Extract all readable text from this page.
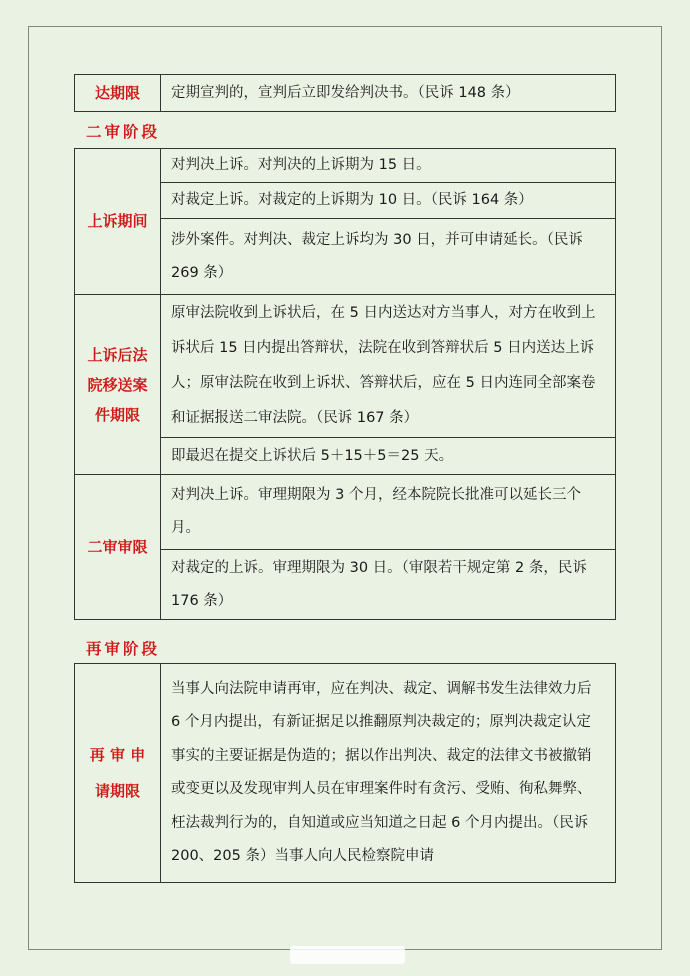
达期限	定期宣判的，宣判后立即发给判决书。（民诉 148 条）
二审阶段
上诉期间	对判决上诉。对判决的上诉期为 15 日。
	对裁定上诉。对裁定的上诉期为 10 日。（民诉 164 条）
	涉外案件。对判决、裁定上诉均为 30 日，并可申请延长。（民诉 269 条）
上诉后法院移送案件期限	原审法院收到上诉状后，在 5 日内送达对方当事人，对方在收到上诉状后 15 日内提出答辩状，法院在收到答辩状后 5 日内送达上诉人；原审法院在收到上诉状、答辩状后，应在 5 日内连同全部案卷和证据报送二审法院。（民诉 167 条）
	即最迟在提交上诉状后 5＋15＋5＝25 天。
二审审限	对判决上诉。审理期限为 3 个月，经本院院长批准可以延长三个月。
	对裁定的上诉。审理期限为 30 日。（审限若干规定第 2 条，民诉 176 条）
再审阶段
再 审 申 请期限	当事人向法院申请再审，应在判决、裁定、调解书发生法律效力后 6 个月内提出，有新证据足以推翻原判决裁定的；原判决裁定认定事实的主要证据是伪造的；据以作出判决、裁定的法律文书被撤销或变更以及发现审判人员在审理案件时有贪污、受贿、徇私舞弊、枉法裁判行为的，自知道或应当知道之日起 6 个月内提出。（民诉 200、205 条）当事人向人民检察院申请
